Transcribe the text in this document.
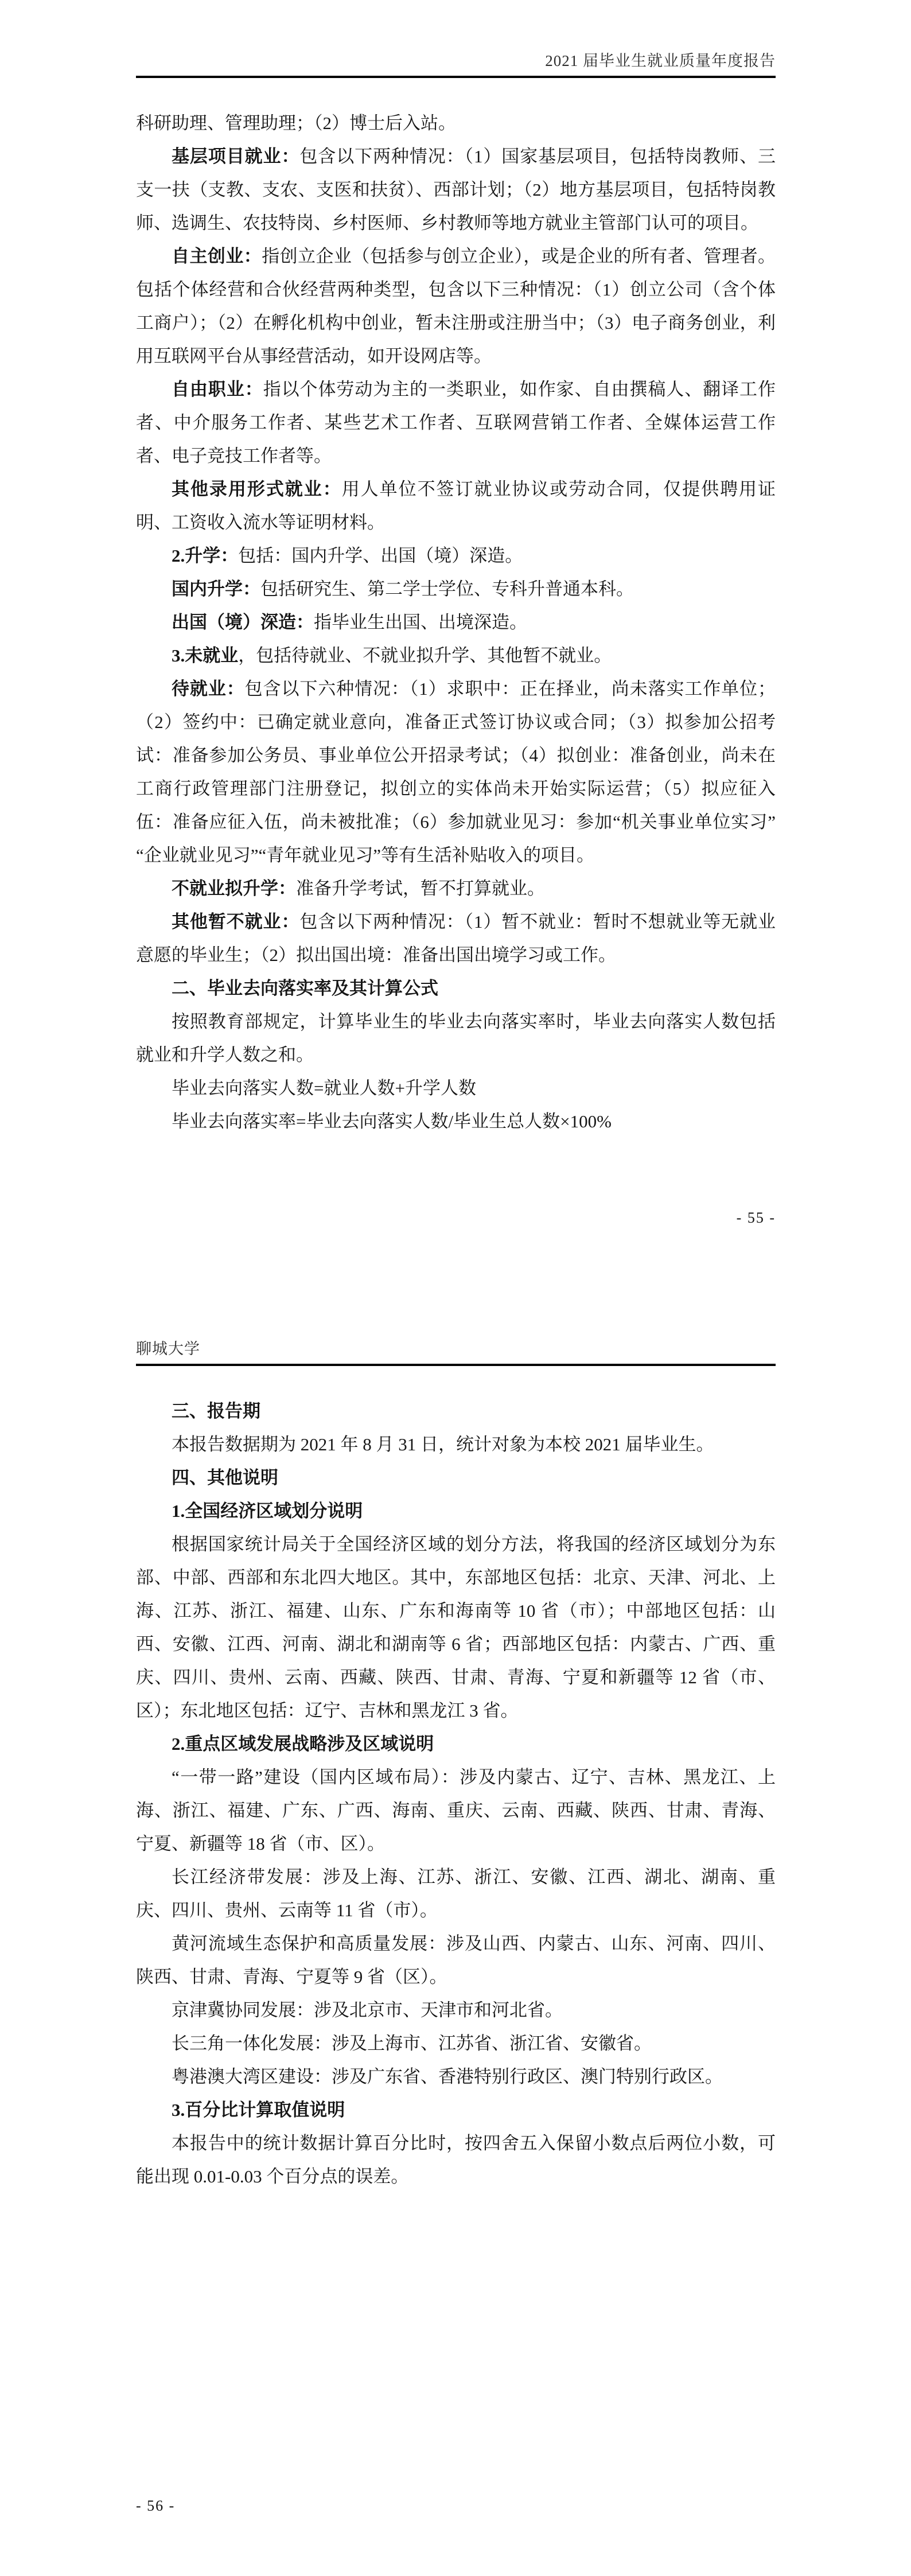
2021 届毕业生就业质量年度报告

科研助理、管理助理；（2）博士后入站。

基层项目就业：包含以下两种情况：（1）国家基层项目，包括特岗教师、三支一扶（支教、支农、支医和扶贫）、西部计划；（2）地方基层项目，包括特岗教师、选调生、农技特岗、乡村医师、乡村教师等地方就业主管部门认可的项目。

自主创业：指创立企业（包括参与创立企业），或是企业的所有者、管理者。包括个体经营和合伙经营两种类型，包含以下三种情况：（1）创立公司（含个体工商户）；（2）在孵化机构中创业，暂未注册或注册当中；（3）电子商务创业，利用互联网平台从事经营活动，如开设网店等。

自由职业：指以个体劳动为主的一类职业，如作家、自由撰稿人、翻译工作者、中介服务工作者、某些艺术工作者、互联网营销工作者、全媒体运营工作者、电子竞技工作者等。

其他录用形式就业：用人单位不签订就业协议或劳动合同，仅提供聘用证明、工资收入流水等证明材料。

2.升学：包括：国内升学、出国（境）深造。

国内升学：包括研究生、第二学士学位、专科升普通本科。

出国（境）深造：指毕业生出国、出境深造。

3.未就业，包括待就业、不就业拟升学、其他暂不就业。

待就业：包含以下六种情况：（1）求职中：正在择业，尚未落实工作单位；（2）签约中：已确定就业意向，准备正式签订协议或合同；（3）拟参加公招考试：准备参加公务员、事业单位公开招录考试；（4）拟创业：准备创业，尚未在工商行政管理部门注册登记，拟创立的实体尚未开始实际运营；（5）拟应征入伍：准备应征入伍，尚未被批准；（6）参加就业见习：参加“机关事业单位实习”“企业就业见习”“青年就业见习”等有生活补贴收入的项目。

不就业拟升学：准备升学考试，暂不打算就业。

其他暂不就业：包含以下两种情况：（1）暂不就业：暂时不想就业等无就业意愿的毕业生；（2）拟出国出境：准备出国出境学习或工作。

二、毕业去向落实率及其计算公式

按照教育部规定，计算毕业生的毕业去向落实率时，毕业去向落实人数包括就业和升学人数之和。

毕业去向落实人数=就业人数+升学人数

毕业去向落实率=毕业去向落实人数/毕业生总人数×100%

- 55 -
聊城大学

三、报告期

本报告数据期为 2021 年 8 月 31 日，统计对象为本校 2021 届毕业生。

四、其他说明

1.全国经济区域划分说明

根据国家统计局关于全国经济区域的划分方法，将我国的经济区域划分为东部、中部、西部和东北四大地区。其中，东部地区包括：北京、天津、河北、上海、江苏、浙江、福建、山东、广东和海南等 10 省（市）；中部地区包括：山西、安徽、江西、河南、湖北和湖南等 6 省；西部地区包括：内蒙古、广西、重庆、四川、贵州、云南、西藏、陕西、甘肃、青海、宁夏和新疆等 12 省（市、区）；东北地区包括：辽宁、吉林和黑龙江 3 省。

2.重点区域发展战略涉及区域说明

“一带一路”建设（国内区域布局）：涉及内蒙古、辽宁、吉林、黑龙江、上海、浙江、福建、广东、广西、海南、重庆、云南、西藏、陕西、甘肃、青海、宁夏、新疆等 18 省（市、区）。

长江经济带发展：涉及上海、江苏、浙江、安徽、江西、湖北、湖南、重庆、四川、贵州、云南等 11 省（市）。

黄河流域生态保护和高质量发展：涉及山西、内蒙古、山东、河南、四川、陕西、甘肃、青海、宁夏等 9 省（区）。

京津冀协同发展：涉及北京市、天津市和河北省。

长三角一体化发展：涉及上海市、江苏省、浙江省、安徽省。

粤港澳大湾区建设：涉及广东省、香港特别行政区、澳门特别行政区。

3.百分比计算取值说明

本报告中的统计数据计算百分比时，按四舍五入保留小数点后两位小数，可能出现 0.01-0.03 个百分点的误差。

- 56 -
